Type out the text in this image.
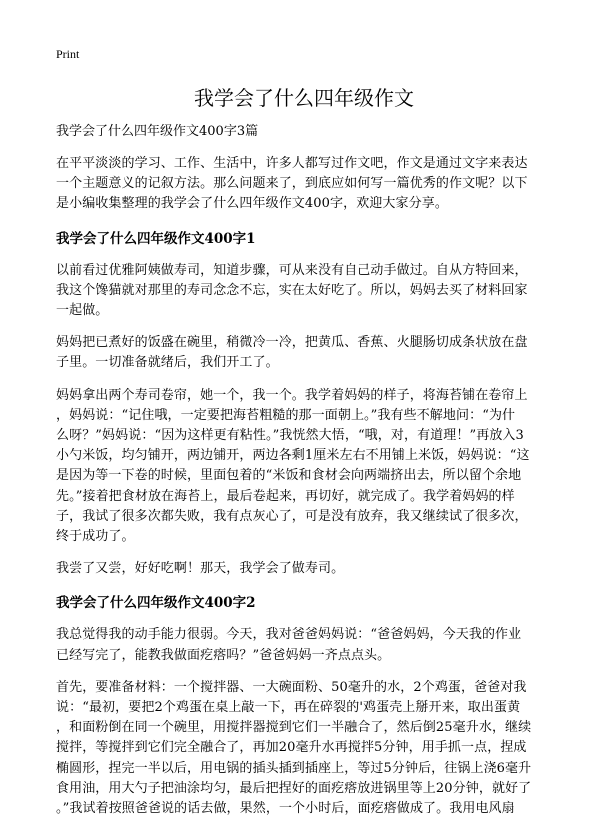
Print
我学会了什么四年级作文

我学会了什么四年级作文400字3篇

在平平淡淡的学习、工作、生活中，许多人都写过作文吧，作文是通过文字来表达
一个主题意义的记叙方法。那么问题来了，到底应如何写一篇优秀的作文呢？以下
是小编收集整理的我学会了什么四年级作文400字，欢迎大家分享。

我学会了什么四年级作文400字1

以前看过优雅阿姨做寿司，知道步骤，可从来没有自己动手做过。自从方特回来，
我这个馋猫就对那里的寿司念念不忘，实在太好吃了。所以，妈妈去买了材料回家
一起做。

妈妈把已煮好的饭盛在碗里，稍微冷一冷，把黄瓜、香蕉、火腿肠切成条状放在盘
子里。一切准备就绪后，我们开工了。

妈妈拿出两个寿司卷帘，她一个，我一个。我学着妈妈的样子，将海苔铺在卷帘上
，妈妈说：“记住哦，一定要把海苔粗糙的那一面朝上。”我有些不解地问：“为什
么呀？”妈妈说：“因为这样更有粘性。”我恍然大悟，“哦，对，有道理！”再放入3
小勺米饭，均匀铺开，两边铺开，两边各剩1厘米左右不用铺上米饭，妈妈说：“这
是因为等一下卷的时候，里面包着的“米饭和食材会向两端挤出去，所以留个余地
先。”接着把食材放在海苔上，最后卷起来，再切好，就完成了。我学着妈妈的样
子，我试了很多次都失败，我有点灰心了，可是没有放弃，我又继续试了很多次，
终于成功了。

我尝了又尝，好好吃啊！那天，我学会了做寿司。

我学会了什么四年级作文400字2

我总觉得我的动手能力很弱。今天，我对爸爸妈妈说：“爸爸妈妈，今天我的作业
已经写完了，能教我做面疙瘩吗？”爸爸妈妈一齐点点头。

首先，要准备材料：一个搅拌器、一大碗面粉、50毫升的水，2个鸡蛋，爸爸对我
说：“最初，要把2个鸡蛋在桌上敲一下，再在碎裂的'鸡蛋壳上掰开来，取出蛋黄
，和面粉倒在同一个碗里，用搅拌器搅到它们一半融合了，然后倒25毫升水，继续
搅拌，等搅拌到它们完全融合了，再加20毫升水再搅拌5分钟，用手抓一点，捏成
椭圆形，捏完一半以后，用电锅的插头插到插座上，等过5分钟后，往锅上浇6毫升
食用油，用大勺子把油涂均匀，最后把捏好的面疙瘩放进锅里等上20分钟，就好了
。”我试着按照爸爸说的话去做，果然，一个小时后，面疙瘩做成了。我用电风扇
